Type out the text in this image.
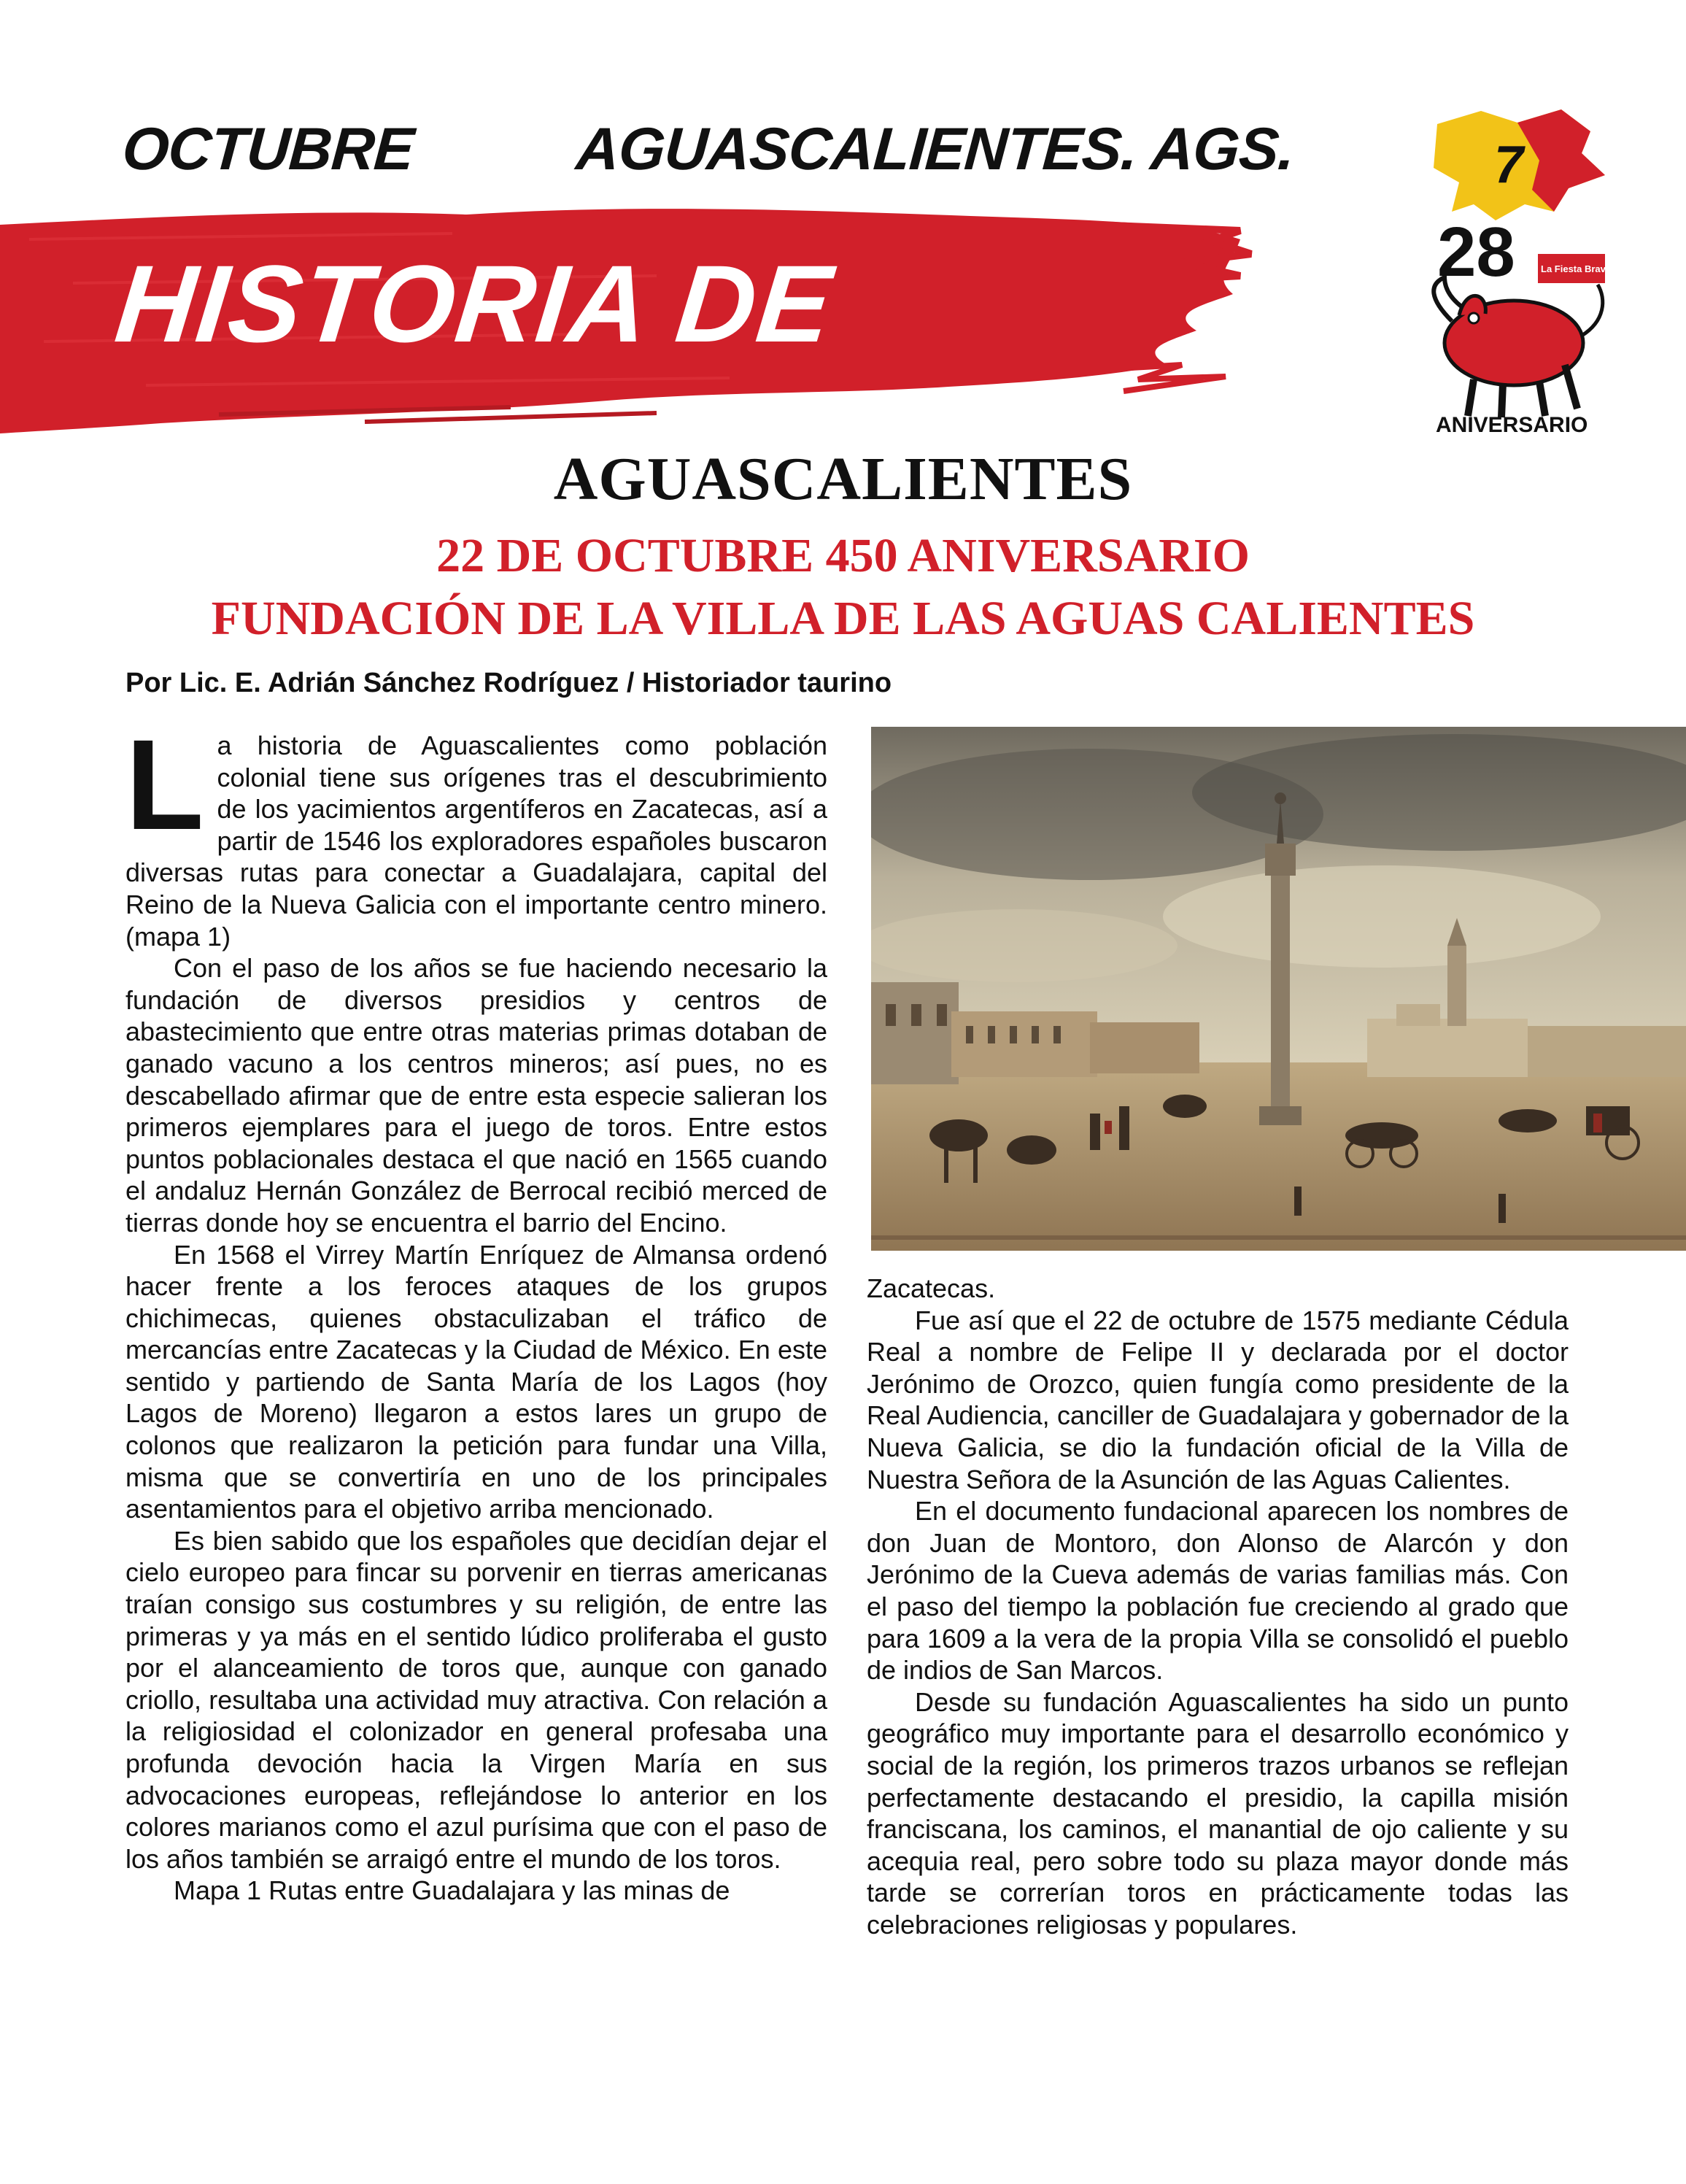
OCTUBRE	AGUASCALIENTES. AGS.
HISTORIA DE
7
28	La Fiesta Brava
ANIVERSARIO
AGUASCALIENTES
22 DE OCTUBRE 450 ANIVERSARIO
FUNDACIÓN DE LA VILLA DE LAS AGUAS CALIENTES
Por Lic. E. Adrián Sánchez Rodríguez / Historiador taurino

La historia de Aguascalientes como población colonial tiene sus orígenes tras el descubrimiento de los yacimientos argentíferos en Zacatecas, así a partir de 1546 los exploradores españoles buscaron diversas rutas para conectar a Guadalajara, capital del Reino de la Nueva Galicia con el importante centro minero. (mapa 1)

Con el paso de los años se fue haciendo necesario la fundación de diversos presidios y centros de abastecimiento que entre otras materias primas dotaban de ganado vacuno a los centros mineros; así pues, no es descabellado afirmar que de entre esta especie salieran los primeros ejemplares para el juego de toros. Entre estos puntos poblacionales destaca el que nació en 1565 cuando el andaluz Hernán González de Berrocal recibió merced de tierras donde hoy se encuentra el barrio del Encino.

En 1568 el Virrey Martín Enríquez de Almansa ordenó hacer frente a los feroces ataques de los grupos chichimecas, quienes obstaculizaban el tráfico de mercancías entre Zacatecas y la Ciudad de México. En este sentido y partiendo de Santa María de los Lagos (hoy Lagos de Moreno) llegaron a estos lares un grupo de colonos que realizaron la petición para fundar una Villa, misma que se convertiría en uno de los principales asentamientos para el objetivo arriba mencionado.

Es bien sabido que los españoles que decidían dejar el cielo europeo para fincar su porvenir en tierras americanas traían consigo sus costumbres y su religión, de entre las primeras y ya más en el sentido lúdico proliferaba el gusto por el alanceamiento de toros que, aunque con ganado criollo, resultaba una actividad muy atractiva. Con relación a la religiosidad el colonizador en general profesaba una profunda devoción hacia la Virgen María en sus advocaciones europeas, reflejándose lo anterior en los colores marianos como el azul purísima que con el paso de los años también se arraigó entre el mundo de los toros.

Mapa 1 Rutas entre Guadalajara y las minas de

Zacatecas.

Fue así que el 22 de octubre de 1575 mediante Cédula Real a nombre de Felipe II y declarada por el doctor Jerónimo de Orozco, quien fungía como presidente de la Real Audiencia, canciller de Guadalajara y gobernador de la Nueva Galicia, se dio la fundación oficial de la Villa de Nuestra Señora de la Asunción de las Aguas Calientes.

En el documento fundacional aparecen los nombres de don Juan de Montoro, don Alonso de Alarcón y don Jerónimo de la Cueva además de varias familias más. Con el paso del tiempo la población fue creciendo al grado que para 1609 a la vera de la propia Villa se consolidó el pueblo de indios de San Marcos.

Desde su fundación Aguascalientes ha sido un punto geográfico muy importante para el desarrollo económico y social de la región, los primeros trazos urbanos se reflejan perfectamente destacando el presidio, la capilla misión franciscana, los caminos, el manantial de ojo caliente y su acequia real, pero sobre todo su plaza mayor donde más tarde se correrían toros en prácticamente todas las celebraciones religiosas y populares.
